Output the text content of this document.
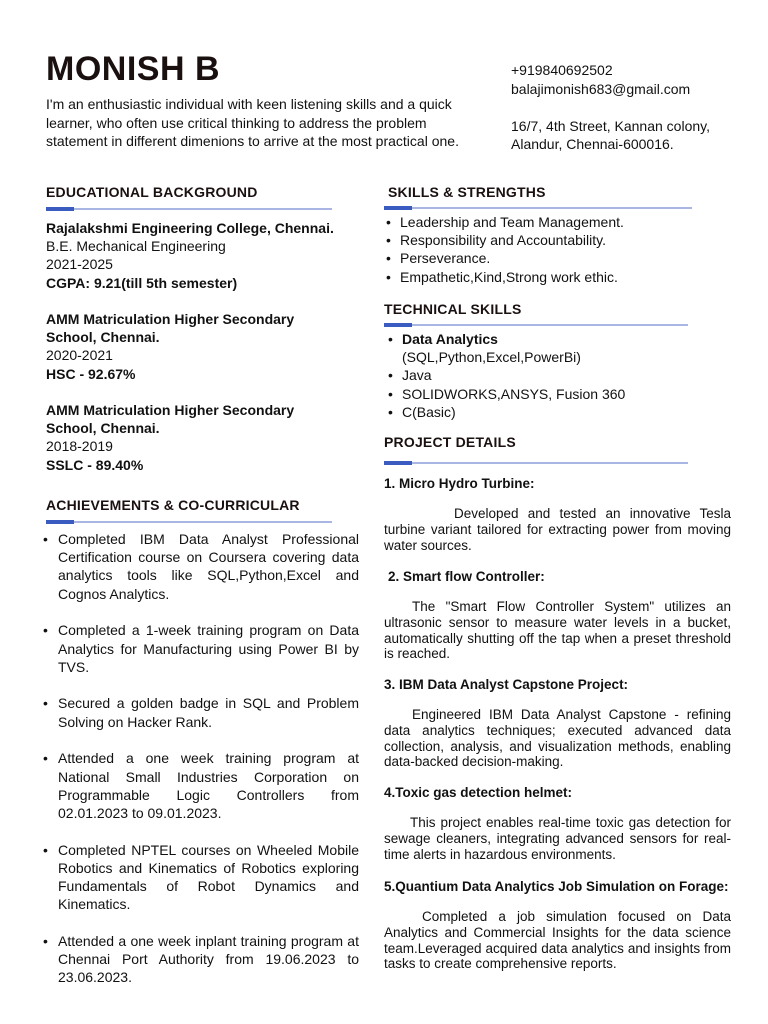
MONISH B
I'm an enthusiastic individual with keen listening skills and a quick learner, who often use critical thinking to address the problem statement in different dimenions to arrive at the most practical one.
+919840692502
balajimonish683@gmail.com
16/7, 4th Street, Kannan colony,
Alandur, Chennai-600016.
EDUCATIONAL BACKGROUND
Rajalakshmi Engineering College, Chennai.
B.E. Mechanical Engineering
2021-2025
CGPA: 9.21(till 5th semester)
AMM Matriculation Higher Secondary School, Chennai.
2020-2021
HSC - 92.67%
AMM Matriculation Higher Secondary School, Chennai.
2018-2019
SSLC - 89.40%
ACHIEVEMENTS & CO-CURRICULAR
• Completed IBM Data Analyst Professional Certification course on Coursera covering data analytics tools like SQL,Python,Excel and Cognos Analytics.
• Completed a 1-week training program on Data Analytics for Manufacturing using Power BI by TVS.
• Secured a golden badge in SQL and Problem Solving on Hacker Rank.
• Attended a one week training program at National Small Industries Corporation on Programmable Logic Controllers from 02.01.2023 to 09.01.2023.
• Completed NPTEL courses on Wheeled Mobile Robotics and Kinematics of Robotics exploring Fundamentals of Robot Dynamics and Kinematics.
• Attended a one week inplant training program at Chennai Port Authority from 19.06.2023 to 23.06.2023.
SKILLS & STRENGTHS
• Leadership and Team Management.
• Responsibility and Accountability.
• Perseverance.
• Empathetic,Kind,Strong work ethic.
TECHNICAL SKILLS
• Data Analytics
(SQL,Python,Excel,PowerBi)
• Java
• SOLIDWORKS,ANSYS, Fusion 360
• C(Basic)
PROJECT DETAILS
1. Micro Hydro Turbine:
Developed and tested an innovative Tesla turbine variant tailored for extracting power from moving water sources.
2. Smart flow Controller:
The "Smart Flow Controller System" utilizes an ultrasonic sensor to measure water levels in a bucket, automatically shutting off the tap when a preset threshold is reached.
3. IBM Data Analyst Capstone Project:
Engineered IBM Data Analyst Capstone - refining data analytics techniques; executed advanced data collection, analysis, and visualization methods, enabling data-backed decision-making.
4.Toxic gas detection helmet:
This project enables real-time toxic gas detection for sewage cleaners, integrating advanced sensors for real-time alerts in hazardous environments.
5.Quantium Data Analytics Job Simulation on Forage:
Completed a job simulation focused on Data Analytics and Commercial Insights for the data science team.Leveraged acquired data analytics and insights from tasks to create comprehensive reports.
